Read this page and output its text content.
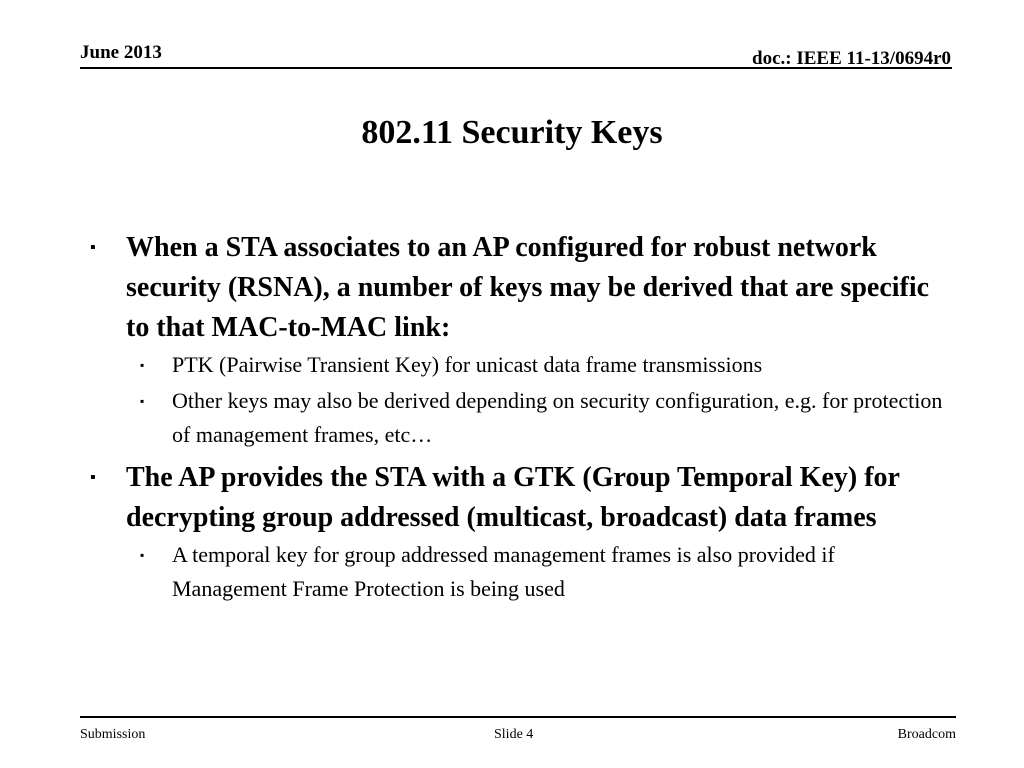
June 2013	doc.: IEEE 11-13/0694r0
802.11 Security Keys
▪ When a STA associates to an AP configured for robust network security (RSNA), a number of keys may be derived that are specific to that MAC-to-MAC link:
▪ PTK (Pairwise Transient Key) for unicast data frame transmissions
▪ Other keys may also be derived depending on security configuration, e.g. for protection of management frames, etc…
▪ The AP provides the STA with a GTK (Group Temporal Key) for decrypting group addressed (multicast, broadcast) data frames
▪ A temporal key for group addressed management frames is also provided if Management Frame Protection is being used
Submission	Slide 4	Broadcom
